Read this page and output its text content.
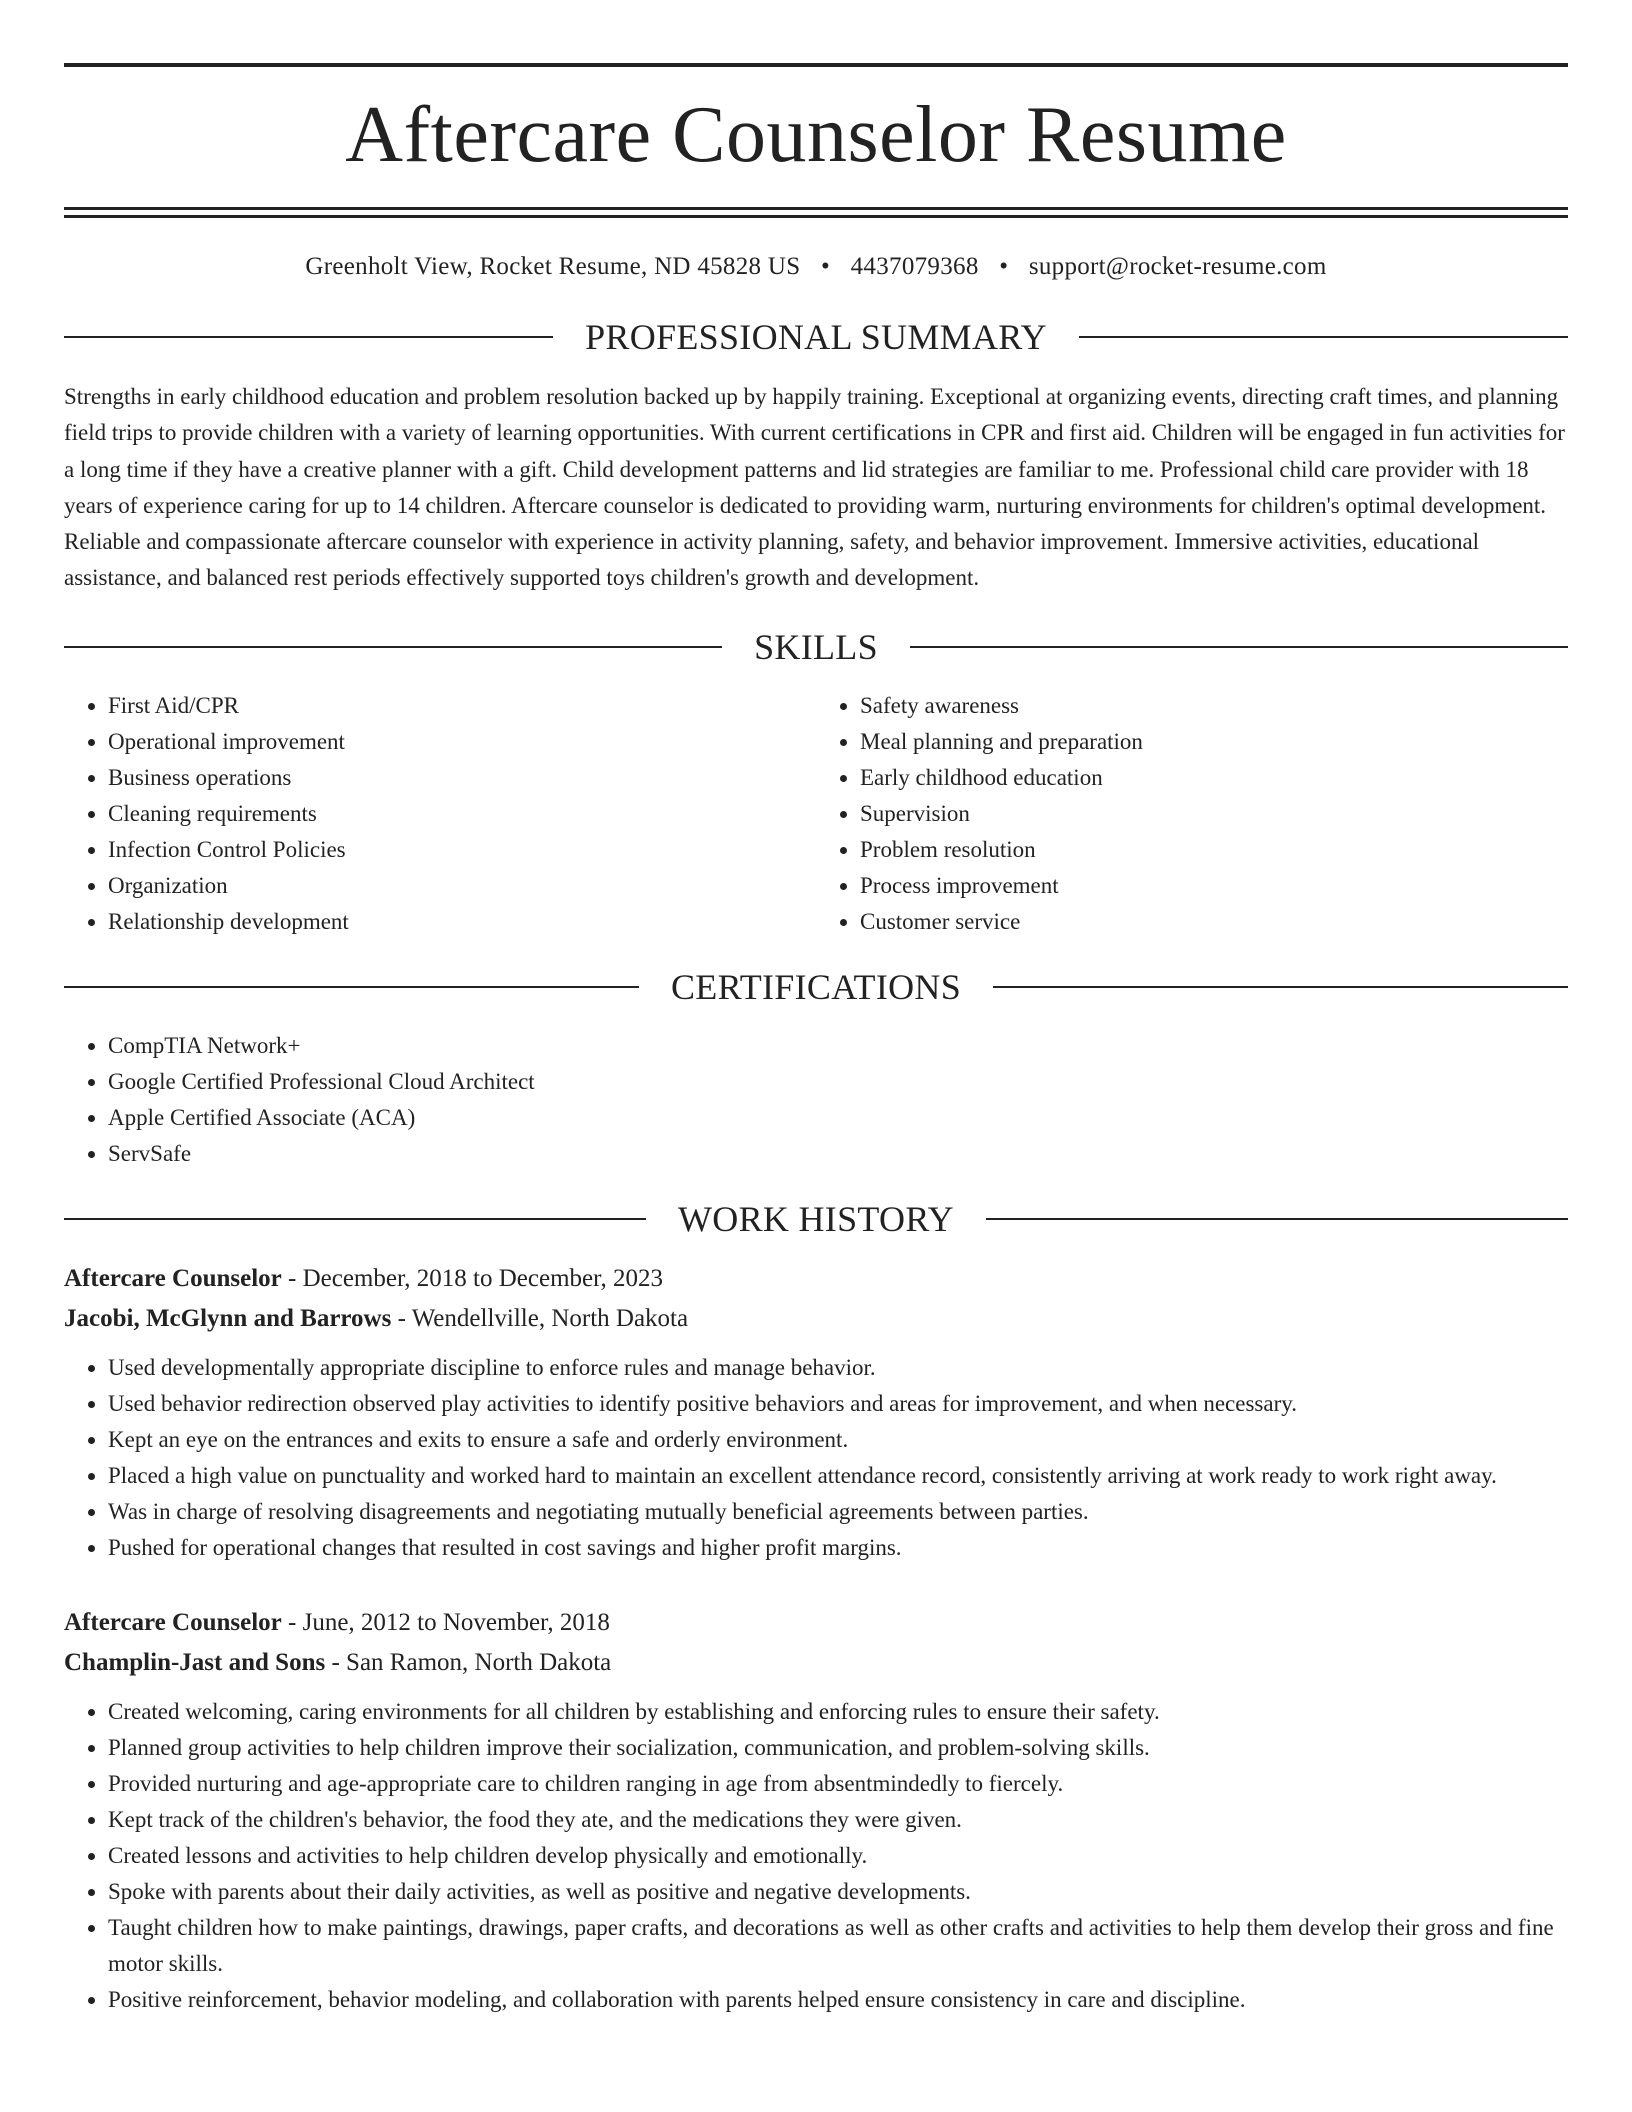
Aftercare Counselor Resume
Greenholt View, Rocket Resume, ND 45828 US • 4437079368 • support@rocket-resume.com
PROFESSIONAL SUMMARY

Strengths in early childhood education and problem resolution backed up by happily training. Exceptional at organizing events, directing craft times, and planning field trips to provide children with a variety of learning opportunities. With current certifications in CPR and first aid. Children will be engaged in fun activities for a long time if they have a creative planner with a gift. Child development patterns and lid strategies are familiar to me. Professional child care provider with 18 years of experience caring for up to 14 children. Aftercare counselor is dedicated to providing warm, nurturing environments for children's optimal development. Reliable and compassionate aftercare counselor with experience in activity planning, safety, and behavior improvement. Immersive activities, educational assistance, and balanced rest periods effectively supported toys children's growth and development.

SKILLS
• First Aid/CPR
• Operational improvement
• Business operations
• Cleaning requirements
• Infection Control Policies
• Organization
• Relationship development
• Safety awareness
• Meal planning and preparation
• Early childhood education
• Supervision
• Problem resolution
• Process improvement
• Customer service
CERTIFICATIONS
• CompTIA Network+
• Google Certified Professional Cloud Architect
• Apple Certified Associate (ACA)
• ServSafe
WORK HISTORY
Aftercare Counselor - December, 2018 to December, 2023
Jacobi, McGlynn and Barrows - Wendellville, North Dakota
• Used developmentally appropriate discipline to enforce rules and manage behavior.
• Used behavior redirection observed play activities to identify positive behaviors and areas for improvement, and when necessary.
• Kept an eye on the entrances and exits to ensure a safe and orderly environment.
• Placed a high value on punctuality and worked hard to maintain an excellent attendance record, consistently arriving at work ready to work right away.
• Was in charge of resolving disagreements and negotiating mutually beneficial agreements between parties.
• Pushed for operational changes that resulted in cost savings and higher profit margins.
Aftercare Counselor - June, 2012 to November, 2018
Champlin-Jast and Sons - San Ramon, North Dakota
• Created welcoming, caring environments for all children by establishing and enforcing rules to ensure their safety.
• Planned group activities to help children improve their socialization, communication, and problem-solving skills.
• Provided nurturing and age-appropriate care to children ranging in age from absentmindedly to fiercely.
• Kept track of the children's behavior, the food they ate, and the medications they were given.
• Created lessons and activities to help children develop physically and emotionally.
• Spoke with parents about their daily activities, as well as positive and negative developments.
• Taught children how to make paintings, drawings, paper crafts, and decorations as well as other crafts and activities to help them develop their gross and fine motor skills.
• Positive reinforcement, behavior modeling, and collaboration with parents helped ensure consistency in care and discipline.
